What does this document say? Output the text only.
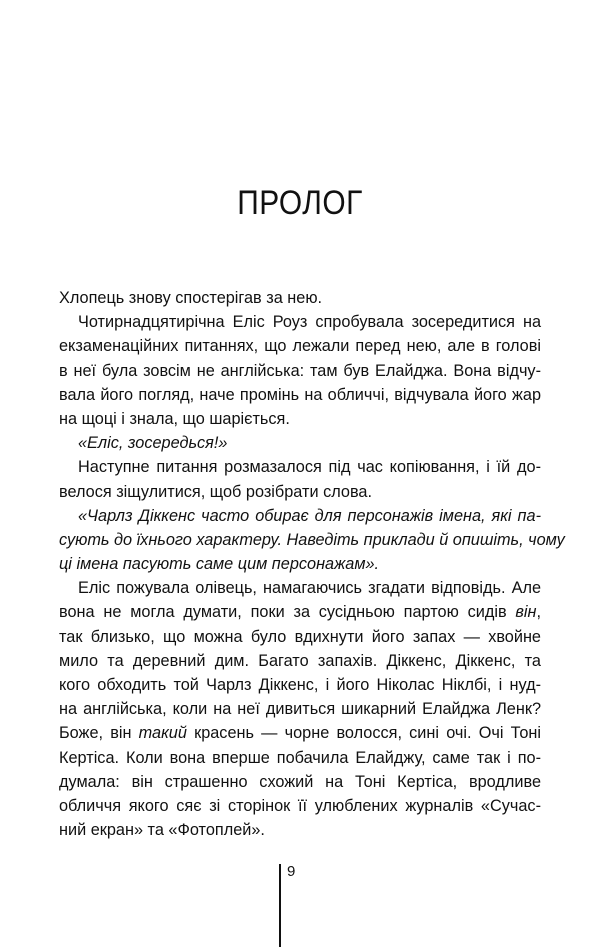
ПРОЛОГ
Хлопець знову спостерігав за нею.
Чотирнадцятирічна Еліс Роуз спробувала зосередитися на
екзаменаційних питаннях, що лежали перед нею, але в голові
в неї була зовсім не англійська: там був Елайджа. Вона відчу-
вала його погляд, наче промінь на обличчі, відчувала його жар
на щоці і знала, що шаріється.
«Еліс, зосередься!»
Наступне питання розмазалося під час копіювання, і їй до-
велося зіщулитися, щоб розібрати слова.
«Чарлз Діккенс часто обирає для персонажів імена, які па-
сують до їхнього характеру. Наведіть приклади й опишіть, чому
ці імена пасують саме цим персонажам».
Еліс пожувала олівець, намагаючись згадати відповідь. Але
вона не могла думати, поки за сусідньою партою сидів він,
так близько, що можна було вдихнути його запах — хвойне
мило та деревний дим. Багато запахів. Діккенс, Діккенс, та
кого обходить той Чарлз Діккенс, і його Ніколас Ніклбі, і нуд-
на англійська, коли на неї дивиться шикарний Елайджа Ленк?
Боже, він такий красень — чорне волосся, сині очі. Очі Тоні
Кертіса. Коли вона вперше побачила Елайджу, саме так і по-
думала: він страшенно схожий на Тоні Кертіса, вродливе
обличчя якого сяє зі сторінок її улюблених журналів «Сучас-
ний екран» та «Фотоплей».
9
